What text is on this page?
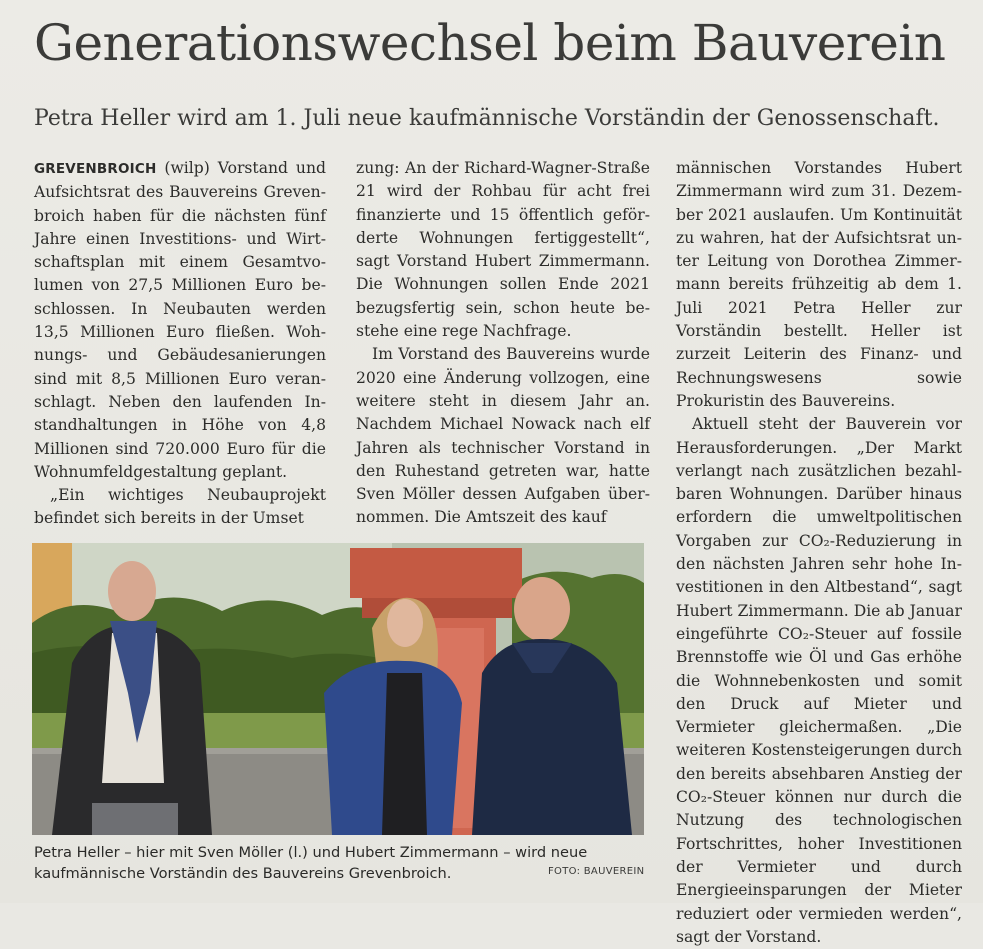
Generationswechsel beim Bauverein
Petra Heller wird am 1. Juli neue kaufmännische Vorständin der Genossenschaft.

GREVENBROICH (wilp) Vorstand und Aufsichtsrat des Bauvereins Grevenbroich haben für die nächsten fünf Jahre einen Investitions- und Wirtschaftsplan mit einem Gesamtvolumen von 27,5 Millionen Euro beschlossen. In Neubauten werden 13,5 Millionen Euro fließen. Wohnungs- und Gebäudesanierungen sind mit 8,5 Millionen Euro veranschlagt. Neben den laufenden Instandhaltungen in Höhe von 4,8 Millionen sind 720.000 Euro für die Wohnumfeldgestaltung geplant.

„Ein wichtiges Neubauprojekt befindet sich bereits in der Umset

zung: An der Richard-Wagner-Straße 21 wird der Rohbau für acht frei finanzierte und 15 öffentlich geförderte Wohnungen fertiggestellt“, sagt Vorstand Hubert Zimmermann. Die Wohnungen sollen Ende 2021 bezugsfertig sein, schon heute bestehe eine rege Nachfrage.

Im Vorstand des Bauvereins wurde 2020 eine Änderung vollzogen, eine weitere steht in diesem Jahr an. Nachdem Michael Nowack nach elf Jahren als technischer Vorstand in den Ruhestand getreten war, hatte Sven Möller dessen Aufgaben übernommen. Die Amtszeit des kauf

männischen Vorstandes Hubert Zimmermann wird zum 31. Dezember 2021 auslaufen. Um Kontinuität zu wahren, hat der Aufsichtsrat unter Leitung von Dorothea Zimmermann bereits frühzeitig ab dem 1. Juli 2021 Petra Heller zur Vorständin bestellt. Heller ist zurzeit Leiterin des Finanz- und Rechnungswesens sowie Prokuristin des Bauvereins.

Aktuell steht der Bauverein vor Herausforderungen. „Der Markt verlangt nach zusätzlichen bezahlbaren Wohnungen. Darüber hinaus erfordern die umweltpolitischen Vorgaben zur CO₂-Reduzierung in den nächsten Jahren sehr hohe Investitionen in den Altbestand“, sagt Hubert Zimmermann. Die ab Januar eingeführte CO₂-Steuer auf fossile Brennstoffe wie Öl und Gas erhöhe die Wohnnebenkosten und somit den Druck auf Mieter und Vermieter gleichermaßen. „Die weiteren Kostensteigerungen durch den bereits absehbaren Anstieg der CO₂-Steuer können nur durch die Nutzung des technologischen Fortschrittes, hoher Investitionen der Vermieter und durch Energieeinsparungen der Mieter reduziert oder vermieden werden“, sagt der Vorstand.

Petra Heller – hier mit Sven Möller (l.) und Hubert Zimmermann – wird neue kaufmännische Vorständin des Bauvereins Grevenbroich.	FOTO: BAUVEREIN
